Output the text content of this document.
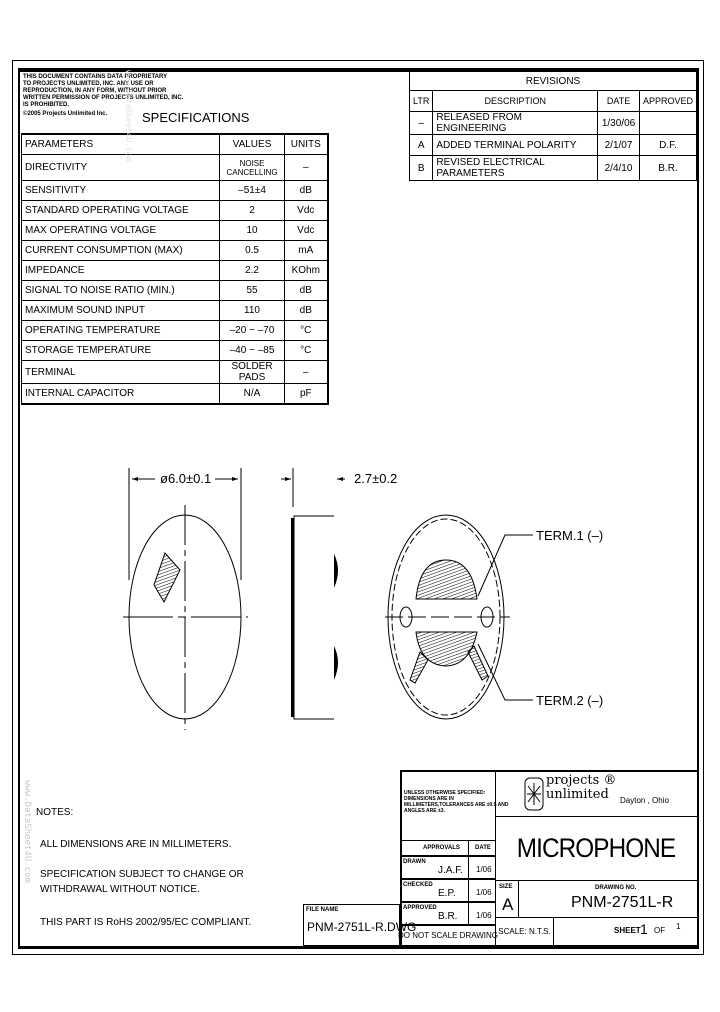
THIS DOCUMENT CONTAINS DATA PROPRIETARY
TO PROJECTS UNLIMITED, INC. ANY USE OR
REPRODUCTION, IN ANY FORM, WITHOUT PRIOR
WRITTEN PERMISSION OF PROJECTS UNLIMITED, INC.
IS PROHIBITED.
©2005 Projects Unlimited Inc.	SPECIFICATIONS
PARAMETERS	VALUES	UNITS
DIRECTIVITY	NOISE CANCELLING	–
SENSITIVITY	–51±4	dB
STANDARD OPERATING VOLTAGE	2	Vdc
MAX OPERATING VOLTAGE	10	Vdc
CURRENT CONSUMPTION (MAX)	0.5	mA
IMPEDANCE	2.2	KOhm
SIGNAL TO NOISE RATIO (MIN.)	55	dB
MAXIMUM SOUND INPUT	110	dB
OPERATING TEMPERATURE	–20 ~ –70	°C
STORAGE TEMPERATURE	–40 ~ –85	°C
TERMINAL	SOLDER PADS	–
INTERNAL CAPACITOR	N/A	pF
REVISIONS			
LTR	DESCRIPTION	DATE	APPROVED
–	RELEASED FROM ENGINEERING	1/30/06	
A	ADDED TERMINAL POLARITY	2/1/07	D.F.
B	REVISED ELECTRICAL PARAMETERS	2/4/10	B.R.
ø6.0±0.1	2.7±0.2
TERM.1 (–)
TERM.2 (–)
NOTES:
ALL DIMENSIONS ARE IN MILLIMETERS.
SPECIFICATION SUBJECT TO CHANGE OR
WITHDRAWAL WITHOUT NOTICE.
THIS PART IS RoHS 2002/95/EC COMPLIANT.
FILE NAME
PNM-2751L-R.DWG
UNLESS OTHERWISE SPECIFIED:
DIMENSIONS ARE IN
MILLIMETERS,TOLERANCES ARE ±0.5 AND
ANGLES ARE ±3.
APPROVALS	DATE
DRAWN
J.A.F. 1/06
CHECKED
E.P.	1/06
APPROVED
B.R. 1/06
DO NOT SCALE DRAWING
projects ®
unlimited	Dayton , Ohio
MICROPHONE
SIZE
A
DRAWING NO.
PNM-2751L-R
SCALE: N.T.S.	SHEET 1 OF 1
www.DataSheet4U.com
www.DataSheet4U.com
